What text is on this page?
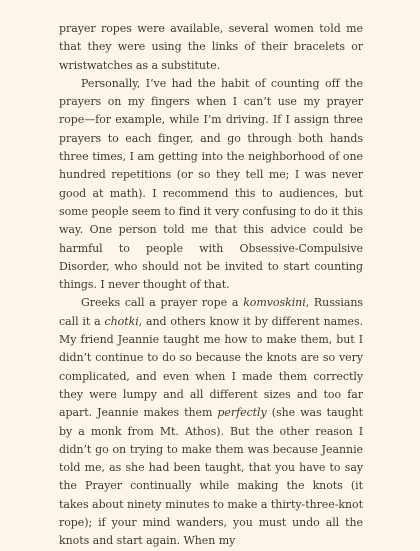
prayer ropes were available, several women told me that they were using the links of their bracelets or wristwatches as a substitute.

Personally, I’ve had the habit of counting off the prayers on my fingers when I can’t use my prayer rope—for example, while I’m driving. If I assign three prayers to each finger, and go through both hands three times, I am getting into the neighborhood of one hundred repetitions (or so they tell me; I was never good at math). I recommend this to audiences, but some people seem to find it very confusing to do it this way. One person told me that this advice could be harmful to people with Obsessive-Compulsive Disorder, who should not be invited to start counting things. I never thought of that.

Greeks call a prayer rope a komvoskini, Russians call it a chotki, and others know it by different names. My friend Jeannie taught me how to make them, but I didn’t continue to do so because the knots are so very complicated, and even when I made them correctly they were lumpy and all different sizes and too far apart. Jeannie makes them perfectly (she was taught by a monk from Mt. Athos). But the other reason I didn’t go on trying to make them was because Jeannie told me, as she had been taught, that you have to say the Prayer continually while making the knots (it takes about ninety minutes to make a thirty-three-knot rope); if your mind wanders, you must undo all the knots and start again. When my
